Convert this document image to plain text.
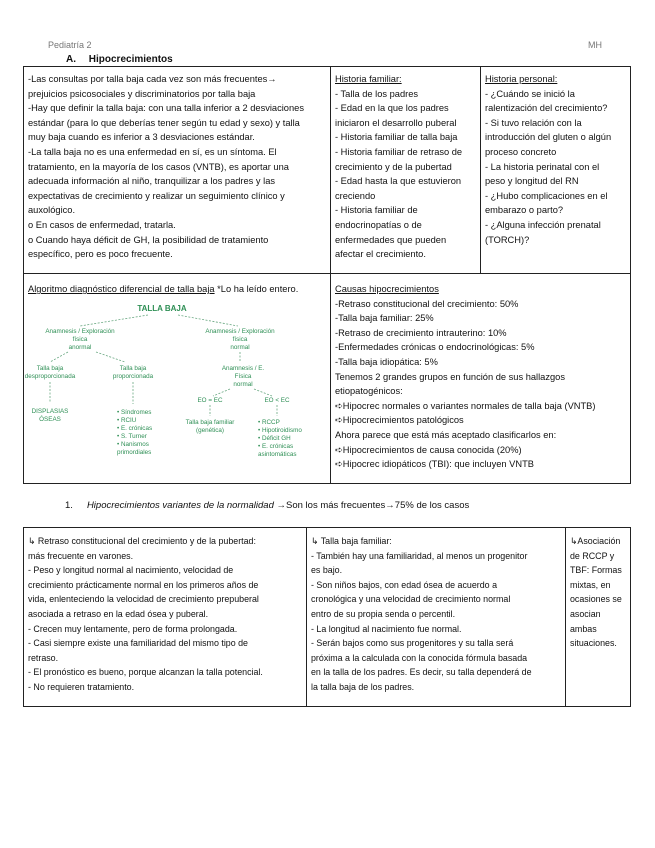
Pediatría 2	MH
A. Hipocrecimientos
-Las consultas por talla baja cada vez son más frecuentes→
prejuicios psicosociales y discriminatorios por talla baja
-Hay que definir la talla baja: con una talla inferior a 2 desviaciones
estándar (para lo que deberías tener según tu edad y sexo) y talla
muy baja cuando es inferior a 3 desviaciones estándar.
-La talla baja no es una enfermedad en sí, es un síntoma. El
tratamiento, en la mayoría de los casos (VNTB), es aportar una
adecuada información al niño, tranquilizar a los padres y las
expectativas de crecimiento y realizar un seguimiento clínico y
auxológico.
o En casos de enfermedad, tratarla.
o Cuando haya déficit de GH, la posibilidad de tratamiento
específico, pero es poco frecuente.
Historia familiar:
- Talla de los padres
- Edad en la que los padres
iniciaron el desarrollo puberal
- Historia familiar de talla baja
- Historia familiar de retraso de
crecimiento y de la pubertad
- Edad hasta la que estuvieron
creciendo
- Historia familiar de
endocrinopatías o de
enfermedades que pueden
afectar el crecimiento.
Historia personal:
- ¿Cuándo se inició la
ralentización del crecimiento?
- Si tuvo relación con la
introducción del gluten o algún
proceso concreto
- La historia perinatal con el
peso y longitud del RN
- ¿Hubo complicaciones en el
embarazo o parto?
- ¿Alguna infección prenatal
(TORCH)?
Algoritmo diagnóstico diferencial de talla baja *Lo ha leído entero.
TALLA BAJA
Anamnesis / Exploración
física
anormal
Anamnesis / Exploración
física
normal
Talla baja
desproporcionada
Talla baja
proporcionada
Anamnesis / E.
Física
normal
EO = EC	EO < EC
DISPLASIAS
ÓSEAS
• Síndromes
• RCIU
• E. crónicas
• S. Turner
• Nanismos
primordiales
Talla baja familiar
(genética)
• RCCP
• Hipotiroidismo
• Déficit GH
• E. crónicas
asintomáticas
Causas hipocrecimientos
-Retraso constitucional del crecimiento: 50%
-Talla baja familiar: 25%
-Retraso de crecimiento intrauterino: 10%
-Enfermedades crónicas o endocrinológicas: 5%
-Talla baja idiopática: 5%
Tenemos 2 grandes grupos en función de sus hallazgos
etiopatogénicos:
➪Hipocrec normales o variantes normales de talla baja (VNTB)
➪Hipocrecimientos patológicos
Ahora parece que está más aceptado clasificarlos en:
➪Hipocrecimientos de causa conocida (20%)
➪Hipocrec idiopáticos (TBI): que incluyen VNTB
1. Hipocrecimientos variantes de la normalidad →Son los más frecuentes→75% de los casos
↳ Retraso constitucional del crecimiento y de la pubertad:
más frecuente en varones.
- Peso y longitud normal al nacimiento, velocidad de
crecimiento prácticamente normal en los primeros años de
vida, enlenteciendo la velocidad de crecimiento prepuberal
asociada a retraso en la edad ósea y puberal.
- Crecen muy lentamente, pero de forma prolongada.
- Casi siempre existe una familiaridad del mismo tipo de
retraso.
- El pronóstico es bueno, porque alcanzan la talla potencial.
- No requieren tratamiento.
↳ Talla baja familiar:
- También hay una familiaridad, al menos un progenitor
es bajo.
- Son niños bajos, con edad ósea de acuerdo a
cronológica y una velocidad de crecimiento normal
entro de su propia senda o percentil.
- La longitud al nacimiento fue normal.
- Serán bajos como sus progenitores y su talla será
próxima a la calculada con la conocida fórmula basada
en la talla de los padres. Es decir, su talla dependerá de
la talla baja de los padres.
↳Asociación
de RCCP y
TBF: Formas
mixtas, en
ocasiones se
asocian
ambas
situaciones.
